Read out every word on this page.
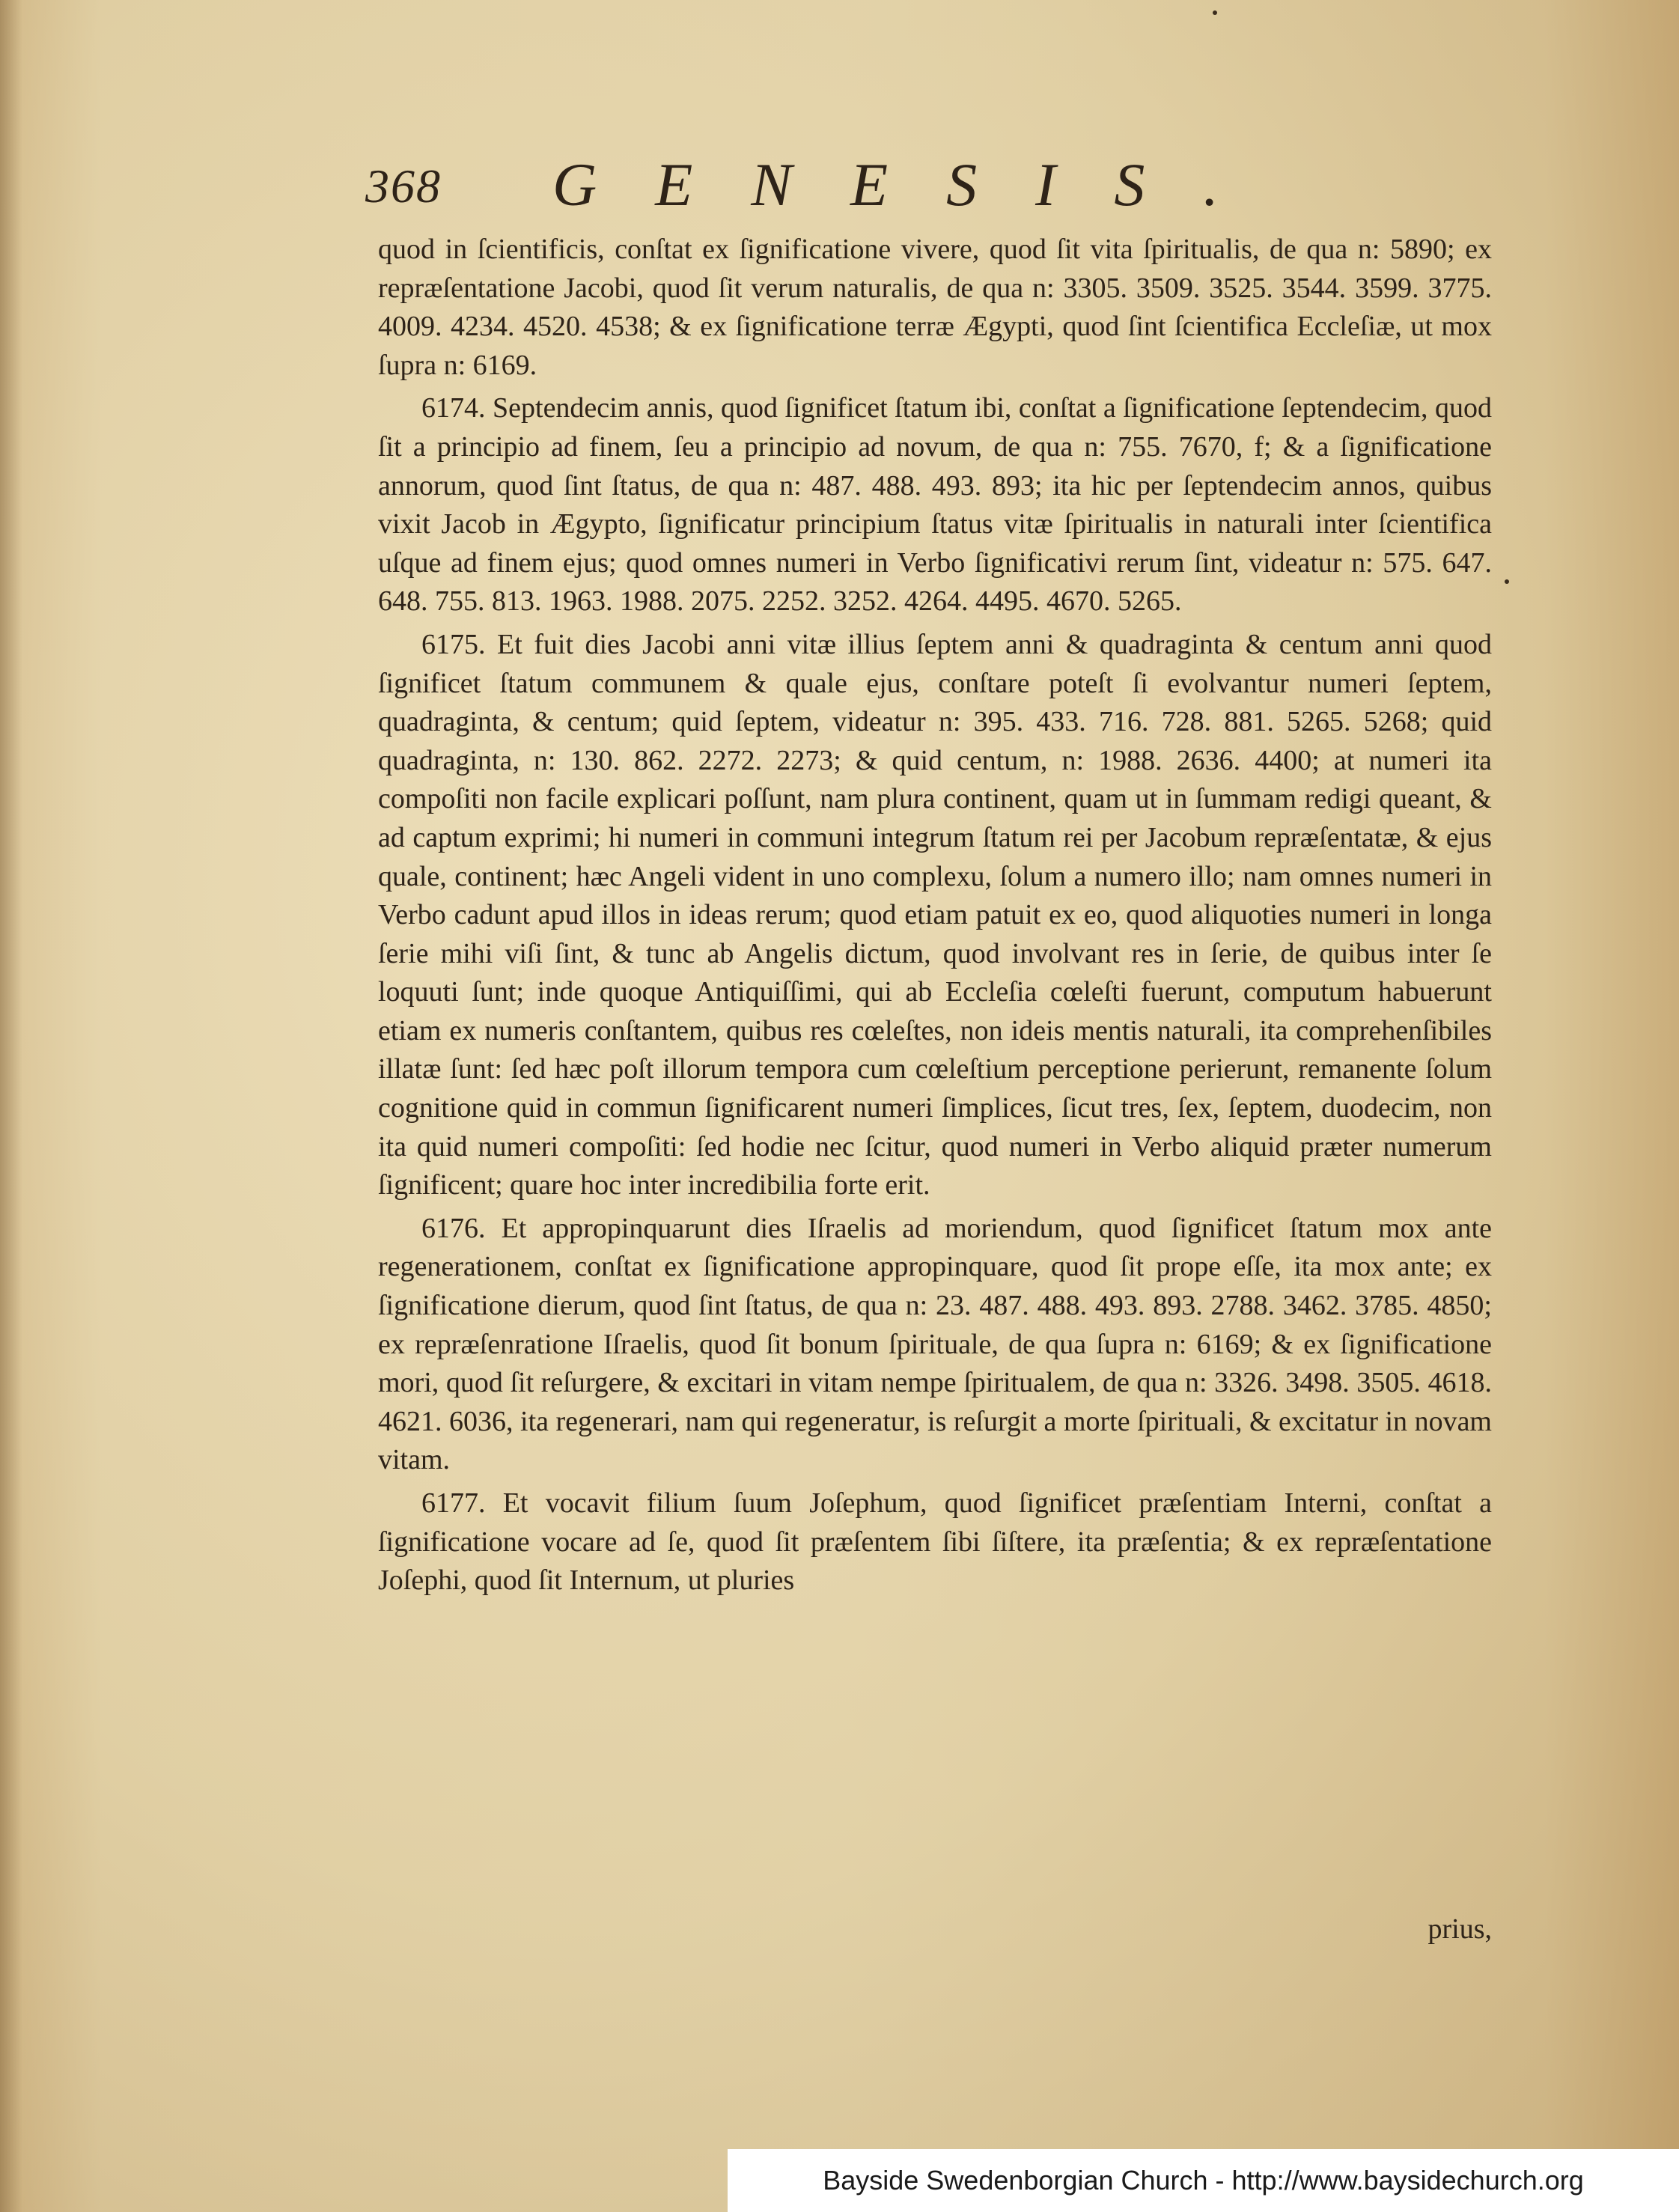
368 GENESIS.

quod in ſcientificis, conſtat ex ſignificatione vivere, quod ſit vita ſpiritualis, de qua n: 5890; ex repræſentatione Jacobi, quod ſit verum naturalis, de qua n: 3305. 3509. 3525. 3544. 3599. 3775. 4009. 4234. 4520. 4538; & ex ſignificatione terræ Ægypti, quod ſint ſcientifica Eccleſiæ, ut mox ſupra n: 6169.

6174. Septendecim annis, quod ſignificet ſtatum ibi, conſtat a ſignificatione ſeptendecim, quod ſit a principio ad finem, ſeu a principio ad novum, de qua n: 755. 7670, f; & a ſignificatione annorum, quod ſint ſtatus, de qua n: 487. 488. 493. 893; ita hic per ſeptendecim annos, quibus vixit Jacob in Ægypto, ſignificatur principium ſtatus vitæ ſpiritualis in naturali inter ſcientifica uſque ad finem ejus; quod omnes numeri in Verbo ſignificativi rerum ſint, videatur n: 575. 647. 648. 755. 813. 1963. 1988. 2075. 2252. 3252. 4264. 4495. 4670. 5265.

6175. Et fuit dies Jacobi anni vitæ illius ſeptem anni & quadraginta & centum anni quod ſignificet ſtatum communem & quale ejus, conſtare poteſt ſi evolvantur numeri ſeptem, quadraginta, & centum; quid ſeptem, videatur n: 395. 433. 716. 728. 881. 5265. 5268; quid quadraginta, n: 130. 862. 2272. 2273; & quid centum, n: 1988. 2636. 4400; at numeri ita compoſiti non facile explicari poſſunt, nam plura continent, quam ut in ſummam redigi queant, & ad captum exprimi; hi numeri in communi integrum ſtatum rei per Jacobum repræſentatæ, & ejus quale, continent; hæc Angeli vident in uno complexu, ſolum a numero illo; nam omnes numeri in Verbo cadunt apud illos in ideas rerum; quod etiam patuit ex eo, quod aliquoties numeri in longa ſerie mihi viſi ſint, & tunc ab Angelis dictum, quod involvant res in ſerie, de quibus inter ſe loquuti ſunt; inde quoque Antiquiſſimi, qui ab Eccleſia cœleſti fuerunt, computum habuerunt etiam ex numeris conſtantem, quibus res cœleſtes, non ideis mentis naturali, ita comprehenſibiles illatæ ſunt: ſed hæc poſt illorum tempora cum cœleſtium perceptione perierunt, remanente ſolum cognitione quid in commun ſignificarent numeri ſimplices, ſicut tres, ſex, ſeptem, duodecim, non ita quid numeri compoſiti: ſed hodie nec ſcitur, quod numeri in Verbo aliquid præter numerum ſignificent; quare hoc inter incredibilia forte erit.

6176. Et appropinquarunt dies Iſraelis ad moriendum, quod ſignificet ſtatum mox ante regenerationem, conſtat ex ſignificatione appropinquare, quod ſit prope eſſe, ita mox ante; ex ſignificatione dierum, quod ſint ſtatus, de qua n: 23. 487. 488. 493. 893. 2788. 3462. 3785. 4850; ex repræſenratione Iſraelis, quod ſit bonum ſpirituale, de qua ſupra n: 6169; & ex ſignificatione mori, quod ſit reſurgere, & excitari in vitam nempe ſpiritualem, de qua n: 3326. 3498. 3505. 4618. 4621. 6036, ita regenerari, nam qui regeneratur, is reſurgit a morte ſpirituali, & excitatur in novam vitam.

6177. Et vocavit filium ſuum Joſephum, quod ſignificet præſentiam Interni, conſtat a ſignificatione vocare ad ſe, quod ſit præſentem ſibi ſiſtere, ita præſentia; & ex repræſentatione Joſephi, quod ſit Internum, ut pluries

prius,
Bayside Swedenborgian Church - http://www.baysidechurch.org
